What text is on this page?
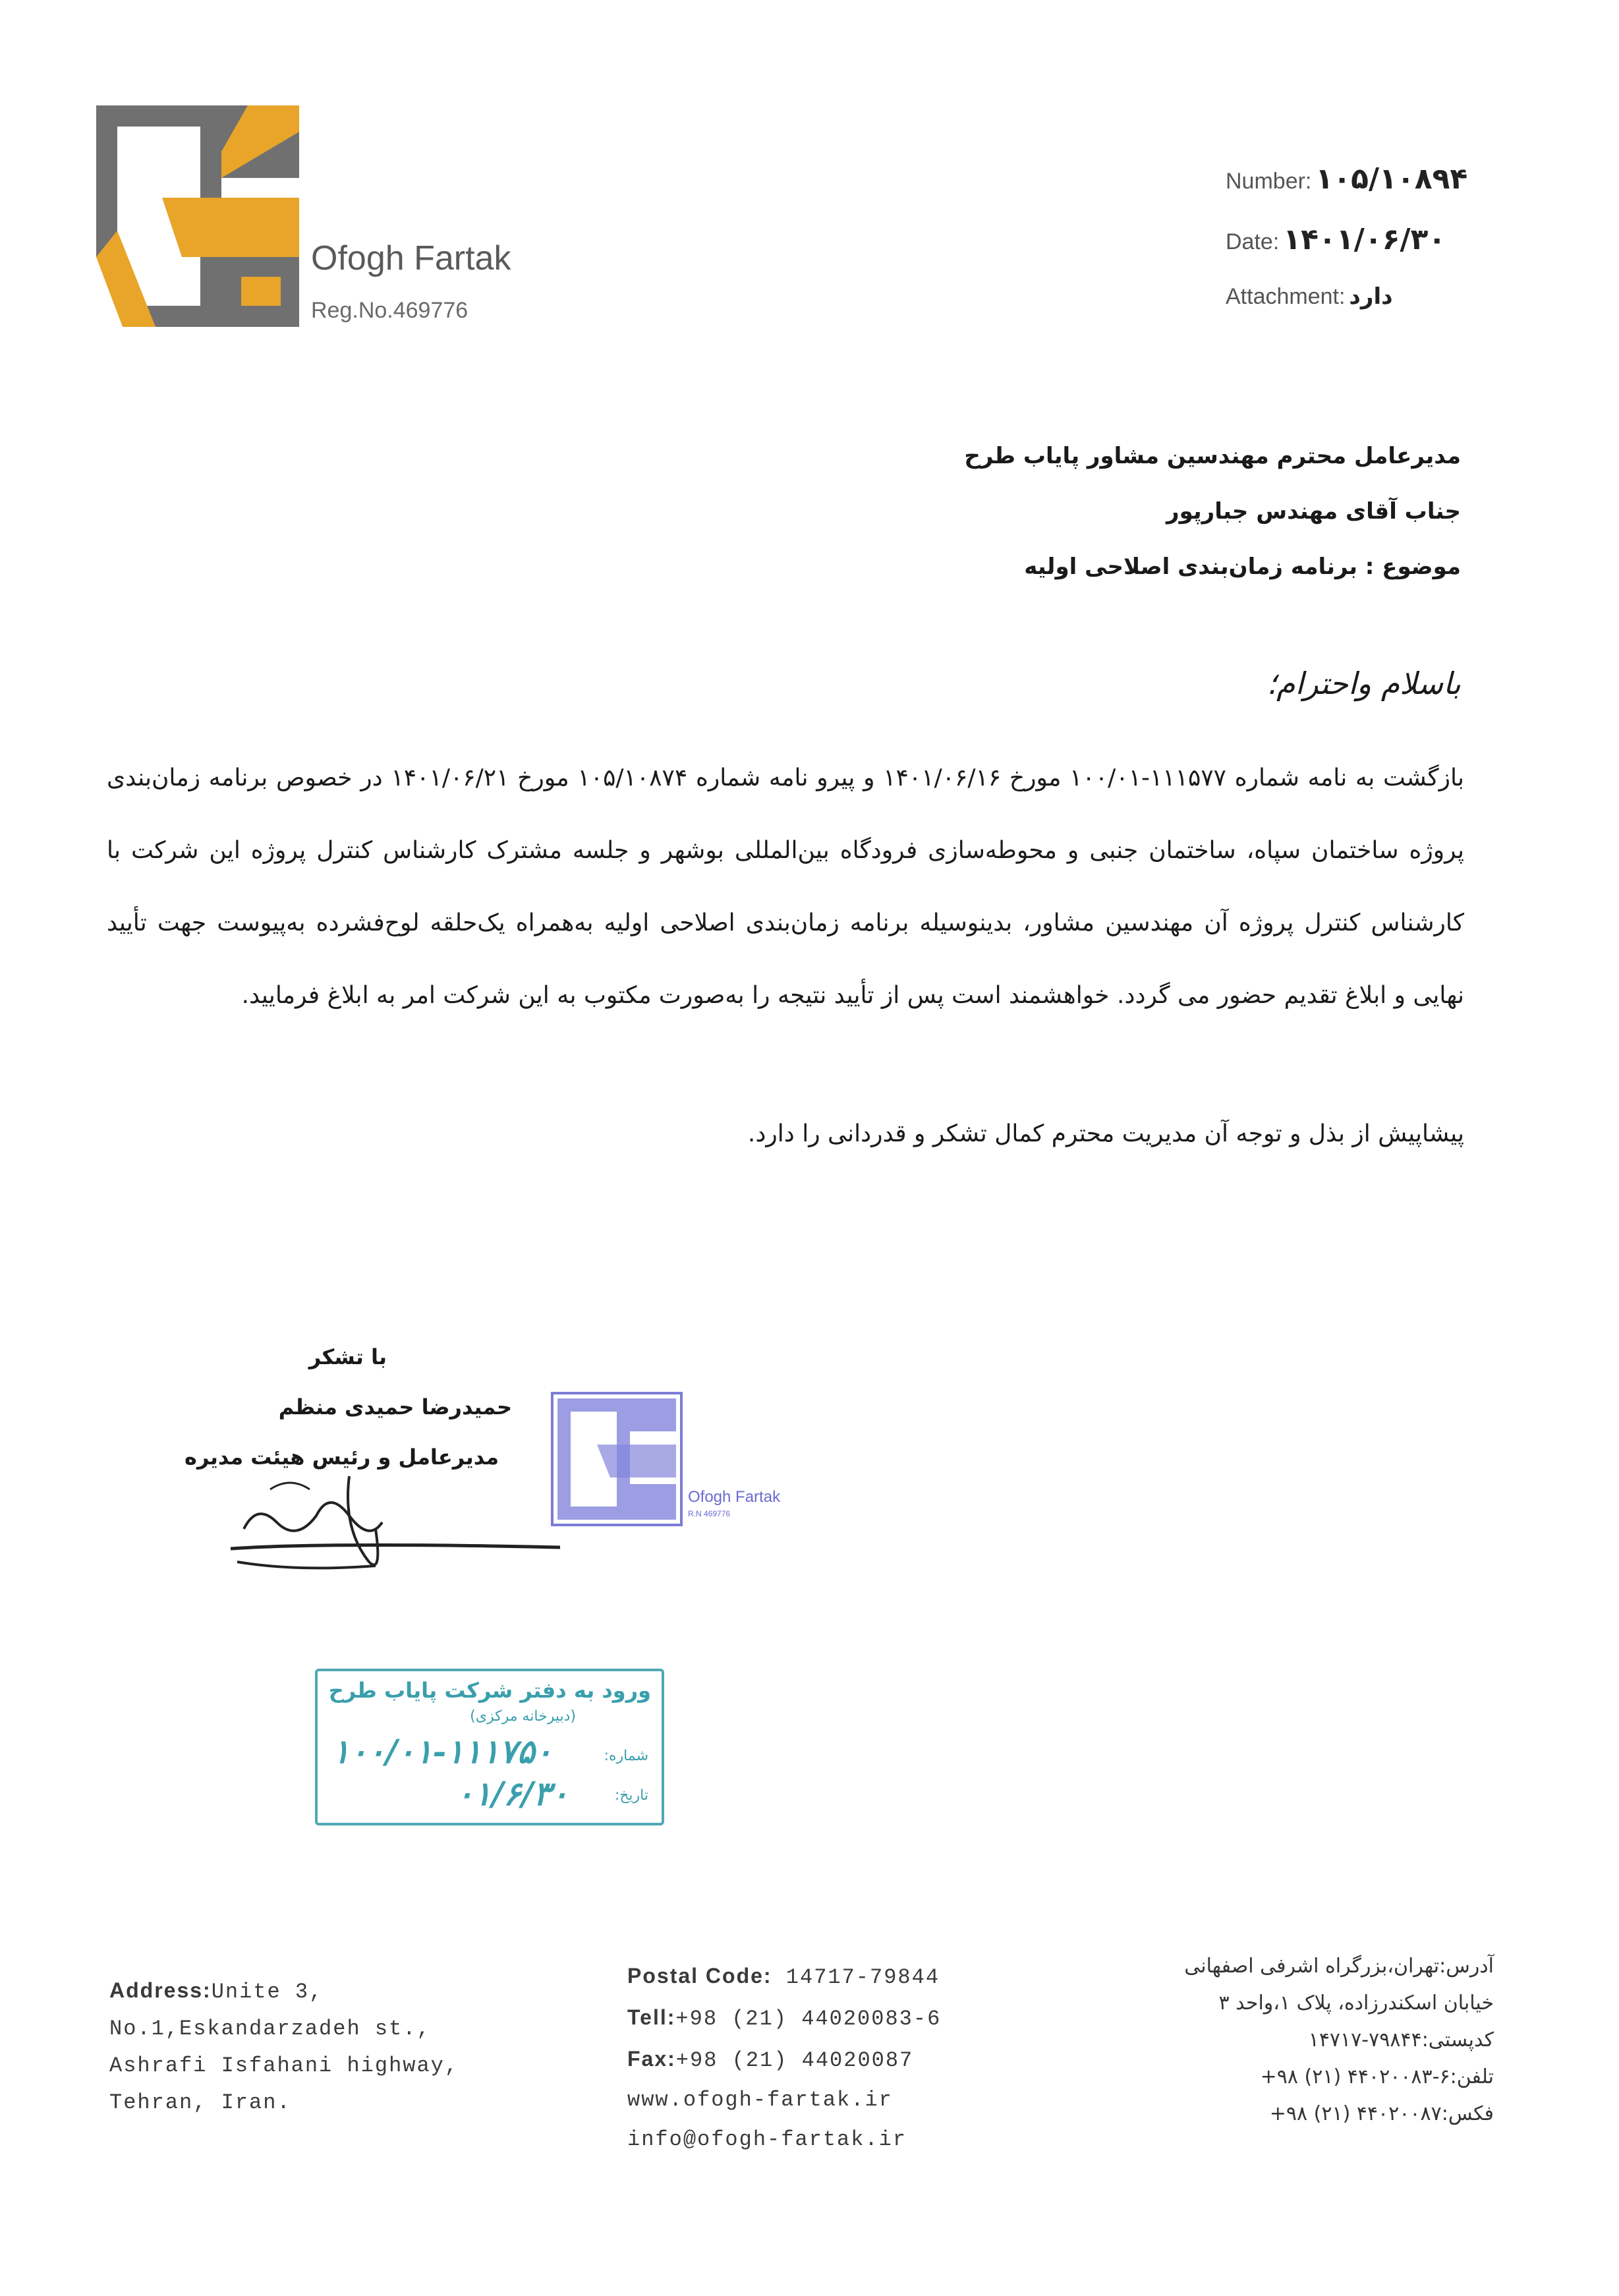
Ofogh Fartak
Reg.No.469776
Number: ۱۰۵/۱۰۸۹۴
Date: ۱۴۰۱/۰۶/۳۰
Attachment: دارد
مدیرعامل محترم مهندسین مشاور پایاب طرح
جناب آقای مهندس جبارپور
موضوع : برنامه زمان‌بندی اصلاحی اولیه
باسلام واحترام؛

بازگشت به نامه شماره ۱۱۱۵۷۷-۱۰۰/۰۱ مورخ ۱۴۰۱/۰۶/۱۶ و پیرو نامه شماره ۱۰۵/۱۰۸۷۴ مورخ ۱۴۰۱/۰۶/۲۱ در خصوص برنامه زمان‌بندی پروژه ساختمان سپاه، ساختمان جنبی و محوطه‌سازی فرودگاه بین‌المللی بوشهر و جلسه مشترک کارشناس کنترل پروژه این شرکت با کارشناس کنترل پروژه آن مهندسین مشاور، بدینوسیله برنامه زمان‌بندی اصلاحی اولیه به‌همراه یک‌حلقه لوح‌فشرده به‌پیوست جهت تأیید نهایی و ابلاغ تقدیم حضور می گردد. خواهشمند است پس از تأیید نتیجه را به‌صورت مکتوب به این شرکت امر به ابلاغ فرمایید.

پیشاپیش از بذل و توجه آن مدیریت محترم کمال تشکر و قدردانی را دارد.
با تشکر
حمیدرضا حمیدی منظم
مدیرعامل و رئیس هیئت مدیره
Ofogh Fartak
R.N 469776
ورود به دفتر شرکت پایاب طرح
(دبیرخانه مرکزی)
شماره:
۱۰۰/۰۱-۱۱۱۷۵۰
تاریخ:
۰۱/۶/۳۰
Address:Unite 3,
No.1,Eskandarzadeh st.,
Ashrafi Isfahani highway,
Tehran, Iran.
Postal Code: 14717-79844
Tell:+98 (21) 44020083-6
Fax:+98 (21) 44020087
www.ofogh-fartak.ir
info@ofogh-fartak.ir
آدرس:تهران،بزرگراه اشرفی اصفهانی
خیابان اسکندرزاده، پلاک ۱،واحد ۳
کدپستی:۷۹۸۴۴-۱۴۷۱۷
تلفن:۶-۴۴۰۲۰۰۸۳ (۲۱) ۹۸+
فکس:۴۴۰۲۰۰۸۷ (۲۱) ۹۸+
